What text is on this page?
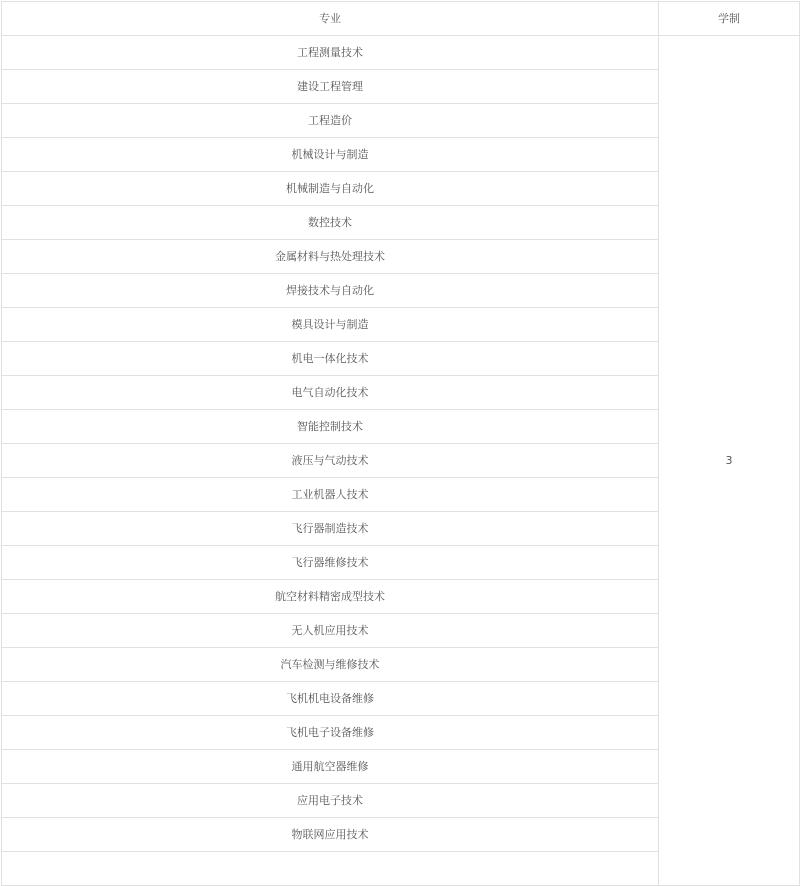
专业	学制
工程测量技术	3
建设工程管理	
工程造价	
机械设计与制造	
机械制造与自动化	
数控技术	
金属材料与热处理技术	
焊接技术与自动化	
模具设计与制造	
机电一体化技术	
电气自动化技术	
智能控制技术	
液压与气动技术	
工业机器人技术	
飞行器制造技术	
飞行器维修技术	
航空材料精密成型技术	
无人机应用技术	
汽车检测与维修技术	
飞机机电设备维修	
飞机电子设备维修	
通用航空器维修	
应用电子技术	
物联网应用技术	
